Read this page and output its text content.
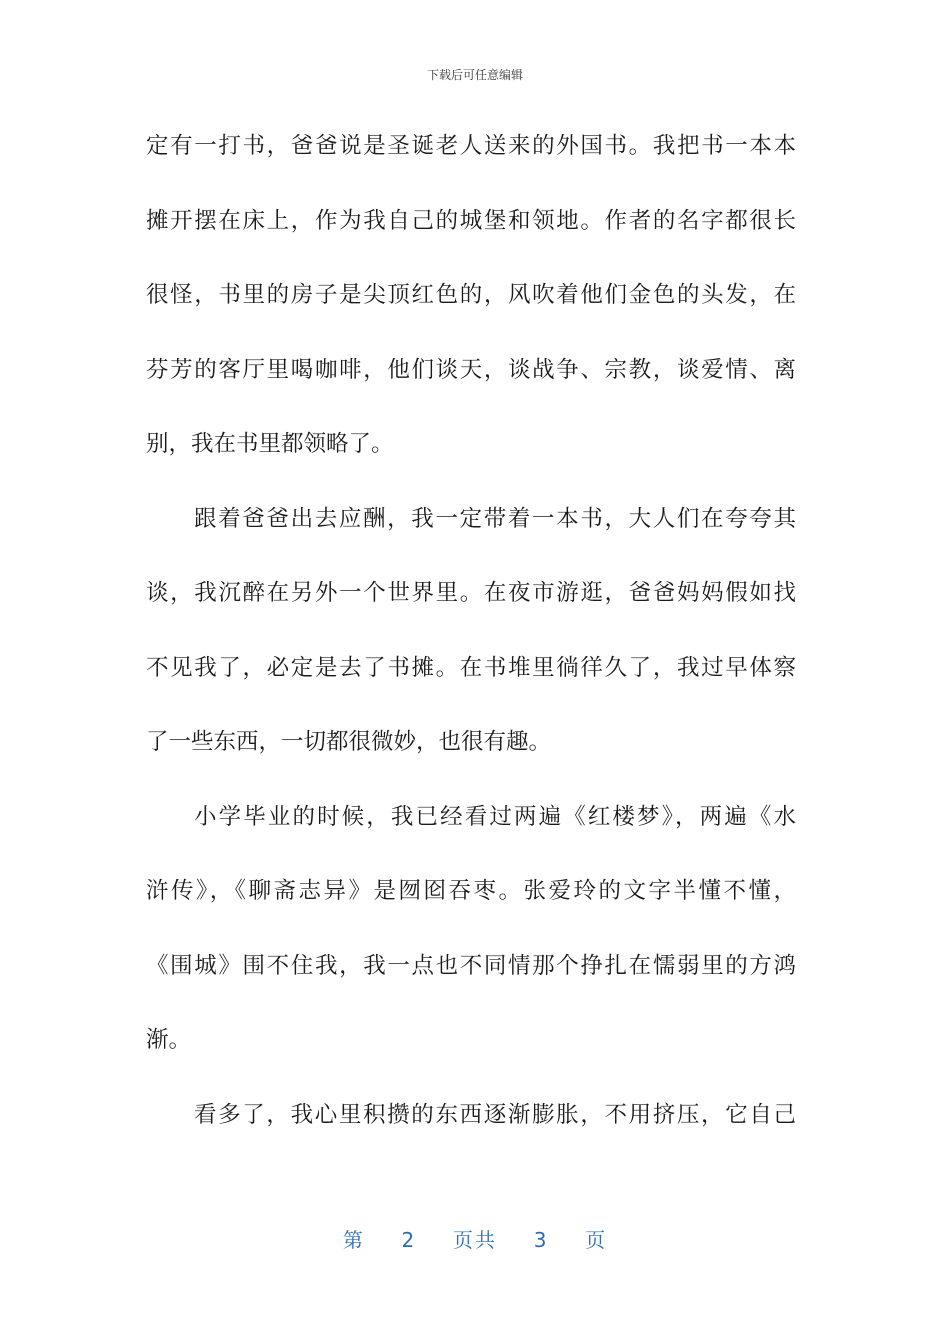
下载后可任意编辑
定有一打书，爸爸说是圣诞老人送来的外国书。我把书一本本
摊开摆在床上，作为我自己的城堡和领地。作者的名字都很长
很怪，书里的房子是尖顶红色的，风吹着他们金色的头发，在
芬芳的客厅里喝咖啡，他们谈天，谈战争、宗教，谈爱情、离
别，我在书里都领略了。
跟着爸爸出去应酬，我一定带着一本书，大人们在夸夸其
谈，我沉醉在另外一个世界里。在夜市游逛，爸爸妈妈假如找
不见我了，必定是去了书摊。在书堆里徜徉久了，我过早体察
了一些东西，一切都很微妙，也很有趣。
小学毕业的时候，我已经看过两遍《红楼梦》，两遍《水
浒传》，《聊斋志异》是囫囵吞枣。张爱玲的文字半懂不懂，
《围城》围不住我，我一点也不同情那个挣扎在懦弱里的方鸿
渐。
看多了，我心里积攒的东西逐渐膨胀，不用挤压，它自己
第 2 页共 3 页
